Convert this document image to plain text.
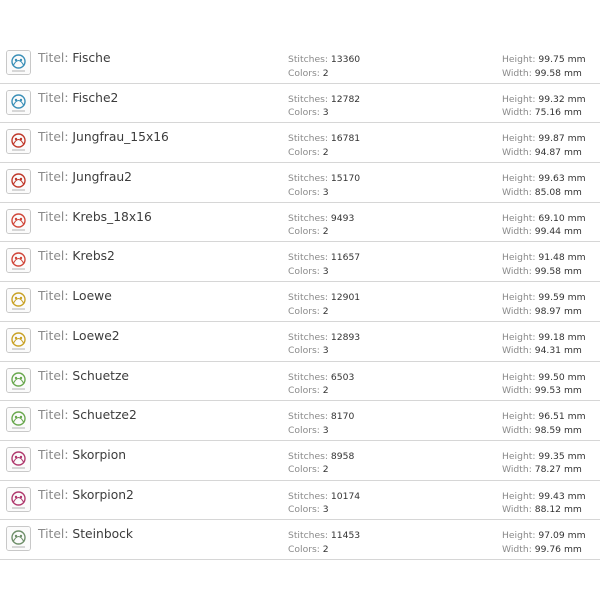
Titel: Fische	Stitches: 13360
Colors: 2
Height: 99.75 mm
Width: 99.58 mm
Titel: Fische2	Stitches: 12782
Colors: 3
Height: 99.32 mm
Width: 75.16 mm
Titel: Jungfrau_15x16	Stitches: 16781
Colors: 2
Height: 99.87 mm
Width: 94.87 mm
Titel: Jungfrau2	Stitches: 15170
Colors: 3
Height: 99.63 mm
Width: 85.08 mm
Titel: Krebs_18x16	Stitches: 9493
Colors: 2
Height: 69.10 mm
Width: 99.44 mm
Titel: Krebs2	Stitches: 11657
Colors: 3
Height: 91.48 mm
Width: 99.58 mm
Titel: Loewe	Stitches: 12901
Colors: 2
Height: 99.59 mm
Width: 98.97 mm
Titel: Loewe2	Stitches: 12893
Colors: 3
Height: 99.18 mm
Width: 94.31 mm
Titel: Schuetze	Stitches: 6503
Colors: 2
Height: 99.50 mm
Width: 99.53 mm
Titel: Schuetze2	Stitches: 8170
Colors: 3
Height: 96.51 mm
Width: 98.59 mm
Titel: Skorpion	Stitches: 8958
Colors: 2
Height: 99.35 mm
Width: 78.27 mm
Titel: Skorpion2	Stitches: 10174
Colors: 3
Height: 99.43 mm
Width: 88.12 mm
Titel: Steinbock	Stitches: 11453
Colors: 2
Height: 97.09 mm
Width: 99.76 mm
